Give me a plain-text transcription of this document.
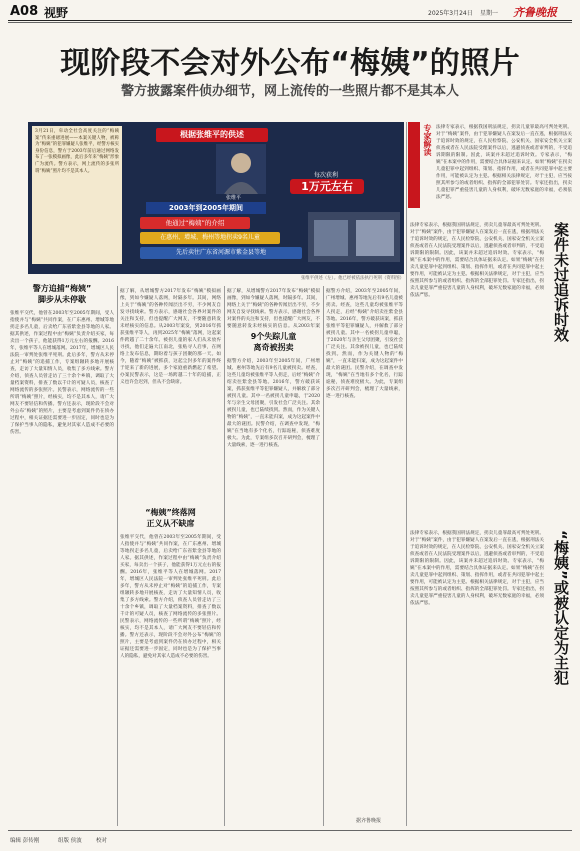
A08 视野	2025年3月24日 星期一 齐鲁晚报
现阶段不会对外公布“梅姨”的照片
警方披露案件侦办细节，网上流传的一些照片都不是其本人
3月21日，牵动全社会高度关注的“梅姨案”传来重磅进展——本案关键人物，被称为“梅姨”的犯罪嫌疑人张维平，经警方核实身份信息，警方于2003年前后通过网络发布了一张模拟画像，此后多年来“梅姨”形象广为流传。警方表示，网上流传的多张所谓“梅姨”照片均不是其本人。
根据张维平的供述
张维平
每次获利
1万元左右
2003年到2005年期间
他通过“梅姨”的介绍
在惠州、增城、梅州等地拐卖9名儿童
先后卖往广东省河源市紫金县等地
张维平供述（左）。他已经被依法执行死刑（资料图）
专家解读
警方追捕“梅姨”
脚步从未停歇
张维平交代，他曾在2003年至2005年期间，受人指使并与“梅姨”共同作案，在广东惠州、增城等地拐走多名儿童，后卖给广东省紫金县等地的人家。据其供述，作案过程中由“梅姨”负责介绍买家，每卖出一个孩子，他能获得1万元左右的报酬。2016年，张维平等人在增城落网。2017年，增城区人民法院一审判处张维平死刑。此后多年，警方从未停止对“梅姨”的追捕工作，专案组辗转多地开展核查，走访了大量知情人员，收集了多方线索。警方介绍，侦查人员曾走访了三十余个乡镇，调取了大量档案资料，排查了数以千计的可疑人员，核查了网络流传的多张照片。民警表示，网络流传的一些所谓“梅姨”照片，经核实，均不是其本人，请广大网友不要轻信和传播。警方还表示，现阶段不会对外公布“梅姨”的照片，主要是考虑到案件仍在侦办过程中，相关证据还需要进一步固定，同时也是为了保护当事人的隐私，避免对其家人造成不必要的伤害。
据了解，从增城警方2017年发布“梅姨”模拟画像，到如今嫌疑人落网，时隔多年。其间，网络上关于“梅姨”的各种传闻层出不穷，不少网友自发寻找线索。警方表示，感谢社会各界对案件的关注和支持，但也提醒广大网友，不要随意转发未经核实的信息。从2003年案发，到2016年抓获张维平等人，再到2025年“梅姨”落网，这起案件跨越了二十余年。被拐儿童的家人们从未放弃寻找，他们走遍大江南北，张贴寻人启事，在网络上发布信息，期盼着与孩子团聚的那一天。如今，随着“梅姨”被抓获，这起尘封多年的案件终于迎来了新的进展，多个家庭重新燃起了希望。办案民警表示，这是一场跨越二十年的追捕，正义也许会迟到，但从不会缺席。
“梅姨”终落网
正义从不缺席
张维平交代，他曾在2003年至2005年期间，受人指使并与“梅姨”共同作案，在广东惠州、增城等地拐走多名儿童，后卖给广东省紫金县等地的人家。据其供述，作案过程中由“梅姨”负责介绍买家，每卖出一个孩子，他能获得1万元左右的报酬。2016年，张维平等人在增城落网。2017年，增城区人民法院一审判处张维平死刑。此后多年，警方从未停止对“梅姨”的追捕工作，专案组辗转多地开展核查，走访了大量知情人员，收集了多方线索。警方介绍，侦查人员曾走访了三十余个乡镇，调取了大量档案资料，排查了数以千计的可疑人员，核查了网络流传的多张照片。民警表示，网络流传的一些所谓“梅姨”照片，经核实，均不是其本人，请广大网友不要轻信和传播。警方还表示，现阶段不会对外公布“梅姨”的照片，主要是考虑到案件仍在侦办过程中，相关证据还需要进一步固定，同时也是为了保护当事人的隐私，避免对其家人造成不必要的伤害。
据了解，从增城警方2017年发布“梅姨”模拟画像，到如今嫌疑人落网，时隔多年。其间，网络上关于“梅姨”的各种传闻层出不穷，不少网友自发寻找线索。警方表示，感谢社会各界对案件的关注和支持，但也提醒广大网友，不要随意转发未经核实的信息。从2003年案
9个失踪儿童
离奇被拐卖
据警方介绍，2003年至2005年间，广州增城、惠州等地先后有9名儿童被拐卖。经查，这些儿童均被张维平等人拐走，后经“梅姨”介绍卖往紫金县等地。2016年，警方破获该案，抓获张维平等犯罪嫌疑人，并解救了部分被拐儿童。其中一名被拐儿童申聪，于2020年与亲生父母团聚，引发社会广泛关注。其余被拐儿童，也已陆续找到。然而，作为关键人物的“梅姨”，一直未能归案，成为这起案件中最大的谜团。民警介绍，在调查中发现，“梅姨”在当地有多个化名，行踪诡秘，侦查难度极大。为此，专案组多次召开研判会，梳理了大量线索，逐一进行核查。
据警方介绍，2003年至2005年间，广州增城、惠州等地先后有9名儿童被拐卖。经查，这些儿童均被张维平等人拐走，后经“梅姨”介绍卖往紫金县等地。2016年，警方破获该案，抓获张维平等犯罪嫌疑人，并解救了部分被拐儿童。其中一名被拐儿童申聪，于2020年与亲生父母团聚，引发社会广泛关注。其余被拐儿童，也已陆续找到。然而，作为关键人物的“梅姨”，一直未能归案，成为这起案件中最大的谜团。民警介绍，在调查中发现，“梅姨”在当地有多个化名，行踪诡秘，侦查难度极大。为此，专案组多次召开研判会，梳理了大量线索，逐一进行核查。
据齐鲁晚报
法律专家表示，根据我国刑法规定，拐卖儿童罪最高可判处死刑。对于“梅姨”案件，由于犯罪嫌疑人在案发后一直在逃，根据刑法关于追诉时效的规定，在人民检察院、公安机关、国家安全机关立案侦查或者在人民法院受理案件以后，逃避侦查或者审判的，不受追诉期限的限制。因此，该案并未超过追诉时效。专家表示，“梅姨”在本案中的作用，需要结合具体证据来认定。如果“梅姨”在拐卖儿童犯罪中起到组织、策划、指挥作用，或者在共同犯罪中起主要作用，可能被认定为主犯。根据相关法律规定，对于主犯，应当按照其所参与的或者组织、指挥的全部犯罪处罚。专家还指出，拐卖儿童犯罪严重侵害儿童的人身权利，破坏无数家庭的幸福，必须依法严惩。
案件未过追诉时效
法律专家表示，根据我国刑法规定，拐卖儿童罪最高可判处死刑。对于“梅姨”案件，由于犯罪嫌疑人在案发后一直在逃，根据刑法关于追诉时效的规定，在人民检察院、公安机关、国家安全机关立案侦查或者在人民法院受理案件以后，逃避侦查或者审判的，不受追诉期限的限制。因此，该案并未超过追诉时效。专家表示，“梅姨”在本案中的作用，需要结合具体证据来认定。如果“梅姨”在拐卖儿童犯罪中起到组织、策划、指挥作用，或者在共同犯罪中起主要作用，可能被认定为主犯。根据相关法律规定，对于主犯，应当按照其所参与的或者组织、指挥的全部犯罪处罚。专家还指出，拐卖儿童犯罪严重侵害儿童的人身权利，破坏无数家庭的幸福，必须依法严惩。
“梅姨”或被认定为主犯
法律专家表示，根据我国刑法规定，拐卖儿童罪最高可判处死刑。对于“梅姨”案件，由于犯罪嫌疑人在案发后一直在逃，根据刑法关于追诉时效的规定，在人民检察院、公安机关、国家安全机关立案侦查或者在人民法院受理案件以后，逃避侦查或者审判的，不受追诉期限的限制。因此，该案并未超过追诉时效。专家表示，“梅姨”在本案中的作用，需要结合具体证据来认定。如果“梅姨”在拐卖儿童犯罪中起到组织、策划、指挥作用，或者在共同犯罪中起主要作用，可能被认定为主犯。根据相关法律规定，对于主犯，应当按照其所参与的或者组织、指挥的全部犯罪处罚。专家还指出，拐卖儿童犯罪严重侵害儿童的人身权利，破坏无数家庭的幸福，必须依法严惩。
编辑 彭传刚	组版 侯波	校对
